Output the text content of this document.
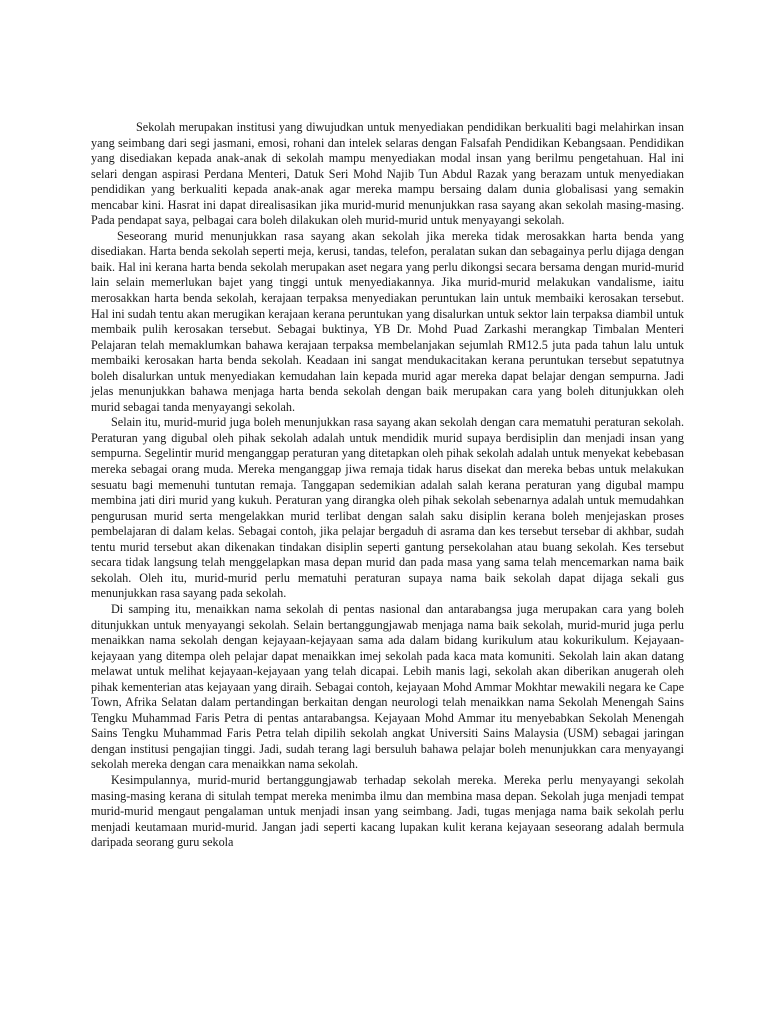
Sekolah merupakan institusi yang diwujudkan untuk menyediakan pendidikan berkualiti bagi melahirkan insan yang seimbang dari segi jasmani, emosi, rohani dan intelek selaras dengan Falsafah Pendidikan Kebangsaan. Pendidikan yang disediakan kepada anak-anak di sekolah mampu menyediakan modal insan yang berilmu pengetahuan. Hal ini selari dengan aspirasi Perdana Menteri, Datuk Seri Mohd Najib Tun Abdul Razak yang berazam untuk menyediakan pendidikan yang berkualiti kepada anak-anak agar mereka mampu bersaing dalam dunia globalisasi yang semakin mencabar kini. Hasrat ini dapat direalisasikan jika murid-murid menunjukkan rasa sayang akan sekolah masing-masing. Pada pendapat saya, pelbagai cara boleh dilakukan oleh murid-murid untuk menyayangi sekolah.

Seseorang murid menunjukkan rasa sayang akan sekolah jika mereka tidak merosakkan harta benda yang disediakan. Harta benda sekolah seperti meja, kerusi, tandas, telefon, peralatan sukan dan sebagainya perlu dijaga dengan baik. Hal ini kerana harta benda sekolah merupakan aset negara yang perlu dikongsi secara bersama dengan murid-murid lain selain memerlukan bajet yang tinggi untuk menyediakannya. Jika murid-murid melakukan vandalisme, iaitu merosakkan harta benda sekolah, kerajaan terpaksa menyediakan peruntukan lain untuk membaiki kerosakan tersebut. Hal ini sudah tentu akan merugikan kerajaan kerana peruntukan yang disalurkan untuk sektor lain terpaksa diambil untuk membaik pulih kerosakan tersebut. Sebagai buktinya, YB Dr. Mohd Puad Zarkashi merangkap Timbalan Menteri Pelajaran telah memaklumkan bahawa kerajaan terpaksa membelanjakan sejumlah RM12.5 juta pada tahun lalu untuk membaiki kerosakan harta benda sekolah. Keadaan ini sangat mendukacitakan kerana peruntukan tersebut sepatutnya boleh disalurkan untuk menyediakan kemudahan lain kepada murid agar mereka dapat belajar dengan sempurna. Jadi jelas menunjukkan bahawa menjaga harta benda sekolah dengan baik merupakan cara yang boleh ditunjukkan oleh murid sebagai tanda menyayangi sekolah.

Selain itu, murid-murid juga boleh menunjukkan rasa sayang akan sekolah dengan cara mematuhi peraturan sekolah. Peraturan yang digubal oleh pihak sekolah adalah untuk mendidik murid supaya berdisiplin dan menjadi insan yang sempurna. Segelintir murid menganggap peraturan yang ditetapkan oleh pihak sekolah adalah untuk menyekat kebebasan mereka sebagai orang muda. Mereka menganggap jiwa remaja tidak harus disekat dan mereka bebas untuk melakukan sesuatu bagi memenuhi tuntutan remaja. Tanggapan sedemikian adalah salah kerana peraturan yang digubal mampu membina jati diri murid yang kukuh. Peraturan yang dirangka oleh pihak sekolah sebenarnya adalah untuk memudahkan pengurusan murid serta mengelakkan murid terlibat dengan salah saku disiplin kerana boleh menjejaskan proses pembelajaran di dalam kelas. Sebagai contoh, jika pelajar bergaduh di asrama dan kes tersebut tersebar di akhbar, sudah tentu murid tersebut akan dikenakan tindakan disiplin seperti gantung persekolahan atau buang sekolah. Kes tersebut secara tidak langsung telah menggelapkan masa depan murid dan pada masa yang sama telah mencemarkan nama baik sekolah. Oleh itu, murid-murid perlu mematuhi peraturan supaya nama baik sekolah dapat dijaga sekali gus menunjukkan rasa sayang pada sekolah.

Di samping itu, menaikkan nama sekolah di pentas nasional dan antarabangsa juga merupakan cara yang boleh ditunjukkan untuk menyayangi sekolah. Selain bertanggungjawab menjaga nama baik sekolah, murid-murid juga perlu menaikkan nama sekolah dengan kejayaan-kejayaan sama ada dalam bidang kurikulum atau kokurikulum. Kejayaan-kejayaan yang ditempa oleh pelajar dapat menaikkan imej sekolah pada kaca mata komuniti. Sekolah lain akan datang melawat untuk melihat kejayaan-kejayaan yang telah dicapai. Lebih manis lagi, sekolah akan diberikan anugerah oleh pihak kementerian atas kejayaan yang diraih. Sebagai contoh, kejayaan Mohd Ammar Mokhtar mewakili negara ke Cape Town, Afrika Selatan dalam pertandingan berkaitan dengan neurologi telah menaikkan nama Sekolah Menengah Sains Tengku Muhammad Faris Petra di pentas antarabangsa. Kejayaan Mohd Ammar itu menyebabkan Sekolah Menengah Sains Tengku Muhammad Faris Petra telah dipilih sekolah angkat Universiti Sains Malaysia (USM) sebagai jaringan dengan institusi pengajian tinggi. Jadi, sudah terang lagi bersuluh bahawa pelajar boleh menunjukkan cara menyayangi sekolah mereka dengan cara menaikkan nama sekolah.

Kesimpulannya, murid-murid bertanggungjawab terhadap sekolah mereka. Mereka perlu menyayangi sekolah masing-masing kerana di situlah tempat mereka menimba ilmu dan membina masa depan. Sekolah juga menjadi tempat murid-murid mengaut pengalaman untuk menjadi insan yang seimbang. Jadi, tugas menjaga nama baik sekolah perlu menjadi keutamaan murid-murid. Jangan jadi seperti kacang lupakan kulit kerana kejayaan seseorang adalah bermula daripada seorang guru sekola
